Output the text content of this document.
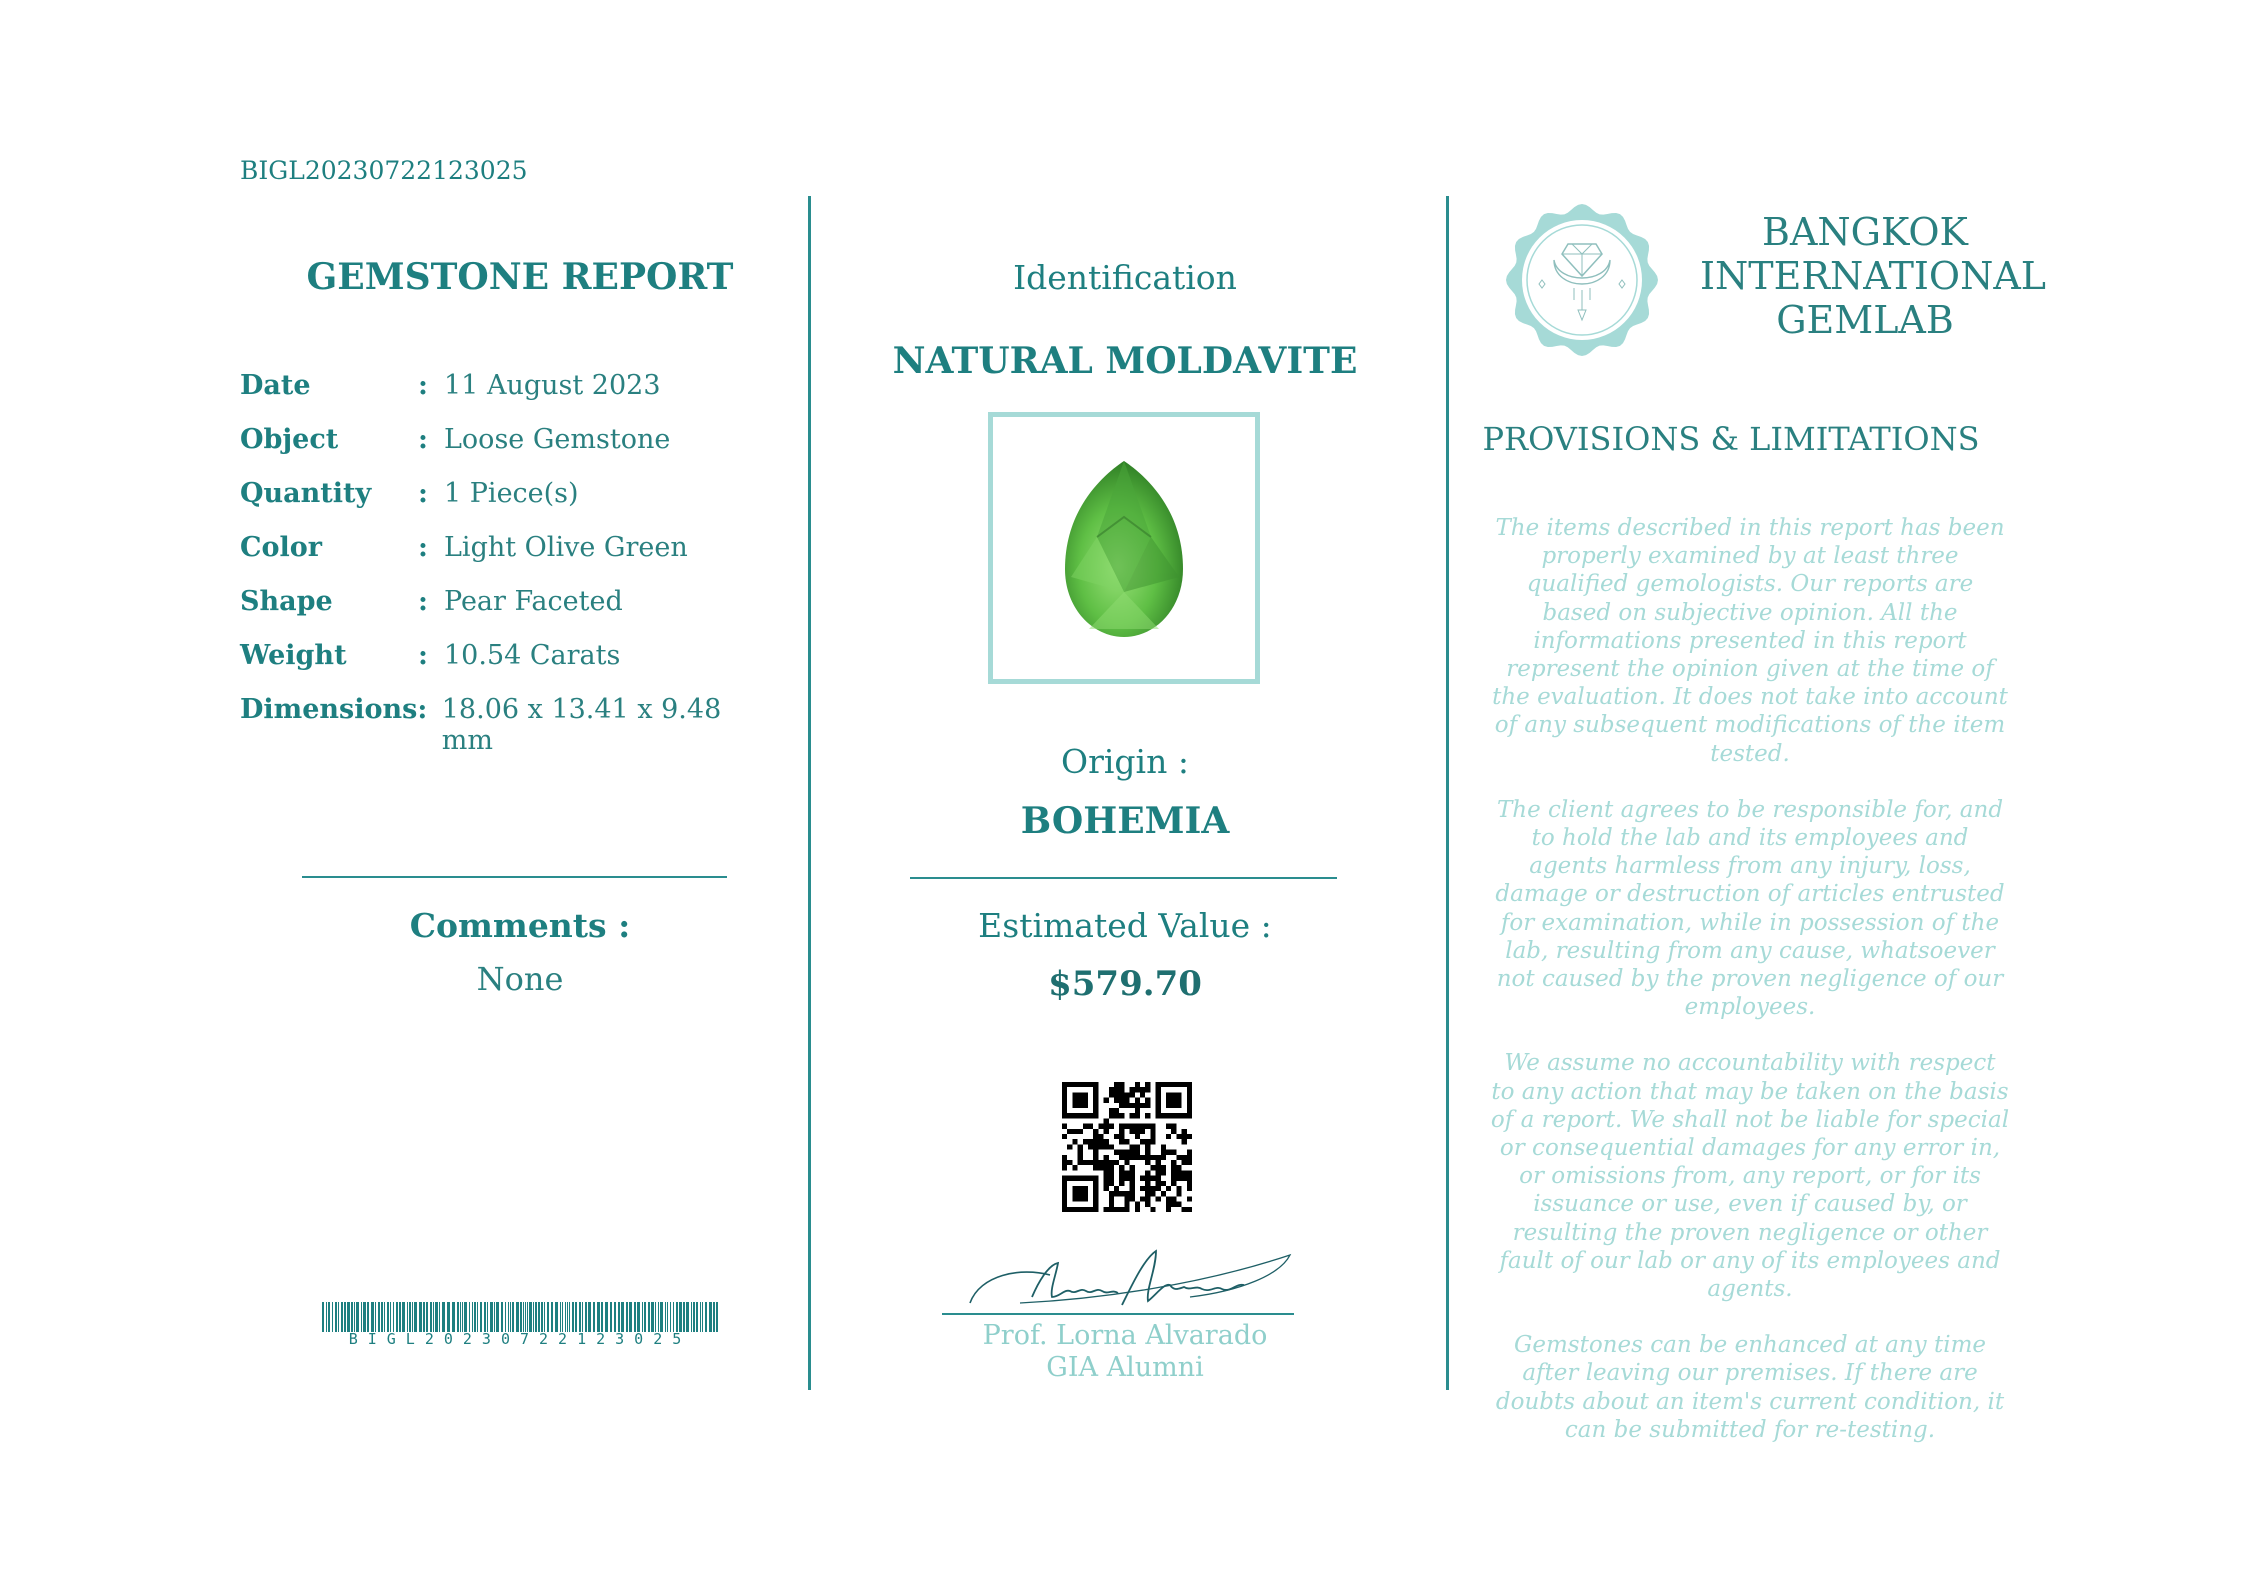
BIGL20230722123025
GEMSTONE REPORT
Date	: 11 August 2023
Object	: Loose Gemstone
Quantity	: 1 Piece(s)
Color	: Light Olive Green
Shape	: Pear Faceted
Weight	: 10.54 Carats
Dimensions : 18.06 x 13.41 x 9.48 mm
Comments :
None
BIGL20230722123025
Identification
NATURAL MOLDAVITE
Origin :
BOHEMIA
Estimated Value :
$579.70
Prof. Lorna Alvarado
GIA Alumni
BANGKOK
INTERNATIONAL
GEMLAB
PROVISIONS & LIMITATIONS

The items described in this report has been properly examined by at least three qualified gemologists. Our reports are based on subjective opinion. All the informations presented in this report represent the opinion given at the time of the evaluation. It does not take into account of any subsequent modifications of the item tested.

The client agrees to be responsible for, and to hold the lab and its employees and agents harmless from any injury, loss, damage or destruction of articles entrusted for examination, while in possession of the lab, resulting from any cause, whatsoever not caused by the proven negligence of our employees.

We assume no accountability with respect to any action that may be taken on the basis of a report. We shall not be liable for special or consequential damages for any error in, or omissions from, any report, or for its issuance or use, even if caused by, or resulting the proven negligence or other fault of our lab or any of its employees and agents.

Gemstones can be enhanced at any time after leaving our premises. If there are doubts about an item's current condition, it can be submitted for re-testing.
